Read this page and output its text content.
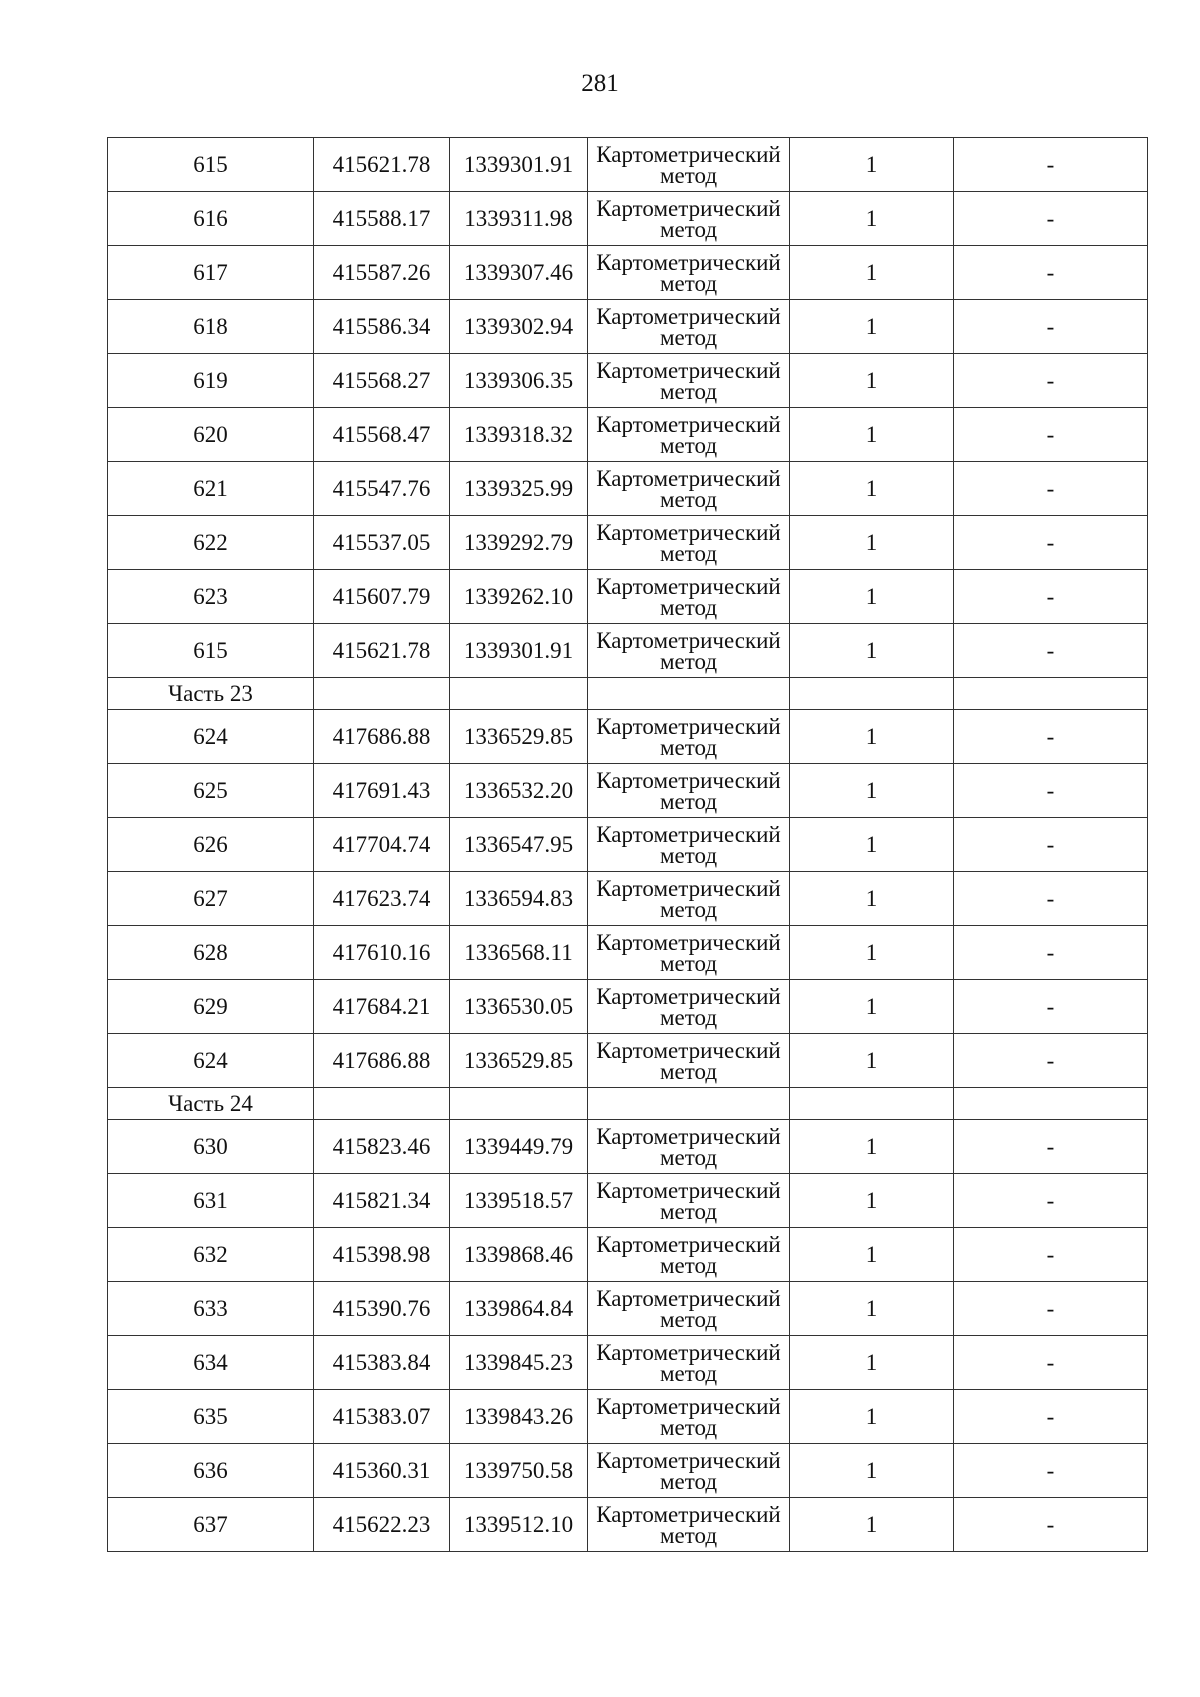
281
615	415621.78	1339301.91	Картометрический метод	1	-
616	415588.17	1339311.98	Картометрический метод	1	-
617	415587.26	1339307.46	Картометрический метод	1	-
618	415586.34	1339302.94	Картометрический метод	1	-
619	415568.27	1339306.35	Картометрический метод	1	-
620	415568.47	1339318.32	Картометрический метод	1	-
621	415547.76	1339325.99	Картометрический метод	1	-
622	415537.05	1339292.79	Картометрический метод	1	-
623	415607.79	1339262.10	Картометрический метод	1	-
615	415621.78	1339301.91	Картометрический метод	1	-
Часть 23					
624	417686.88	1336529.85	Картометрический метод	1	-
625	417691.43	1336532.20	Картометрический метод	1	-
626	417704.74	1336547.95	Картометрический метод	1	-
627	417623.74	1336594.83	Картометрический метод	1	-
628	417610.16	1336568.11	Картометрический метод	1	-
629	417684.21	1336530.05	Картометрический метод	1	-
624	417686.88	1336529.85	Картометрический метод	1	-
Часть 24					
630	415823.46	1339449.79	Картометрический метод	1	-
631	415821.34	1339518.57	Картометрический метод	1	-
632	415398.98	1339868.46	Картометрический метод	1	-
633	415390.76	1339864.84	Картометрический метод	1	-
634	415383.84	1339845.23	Картометрический метод	1	-
635	415383.07	1339843.26	Картометрический метод	1	-
636	415360.31	1339750.58	Картометрический метод	1	-
637	415622.23	1339512.10	Картометрический метод	1	-
